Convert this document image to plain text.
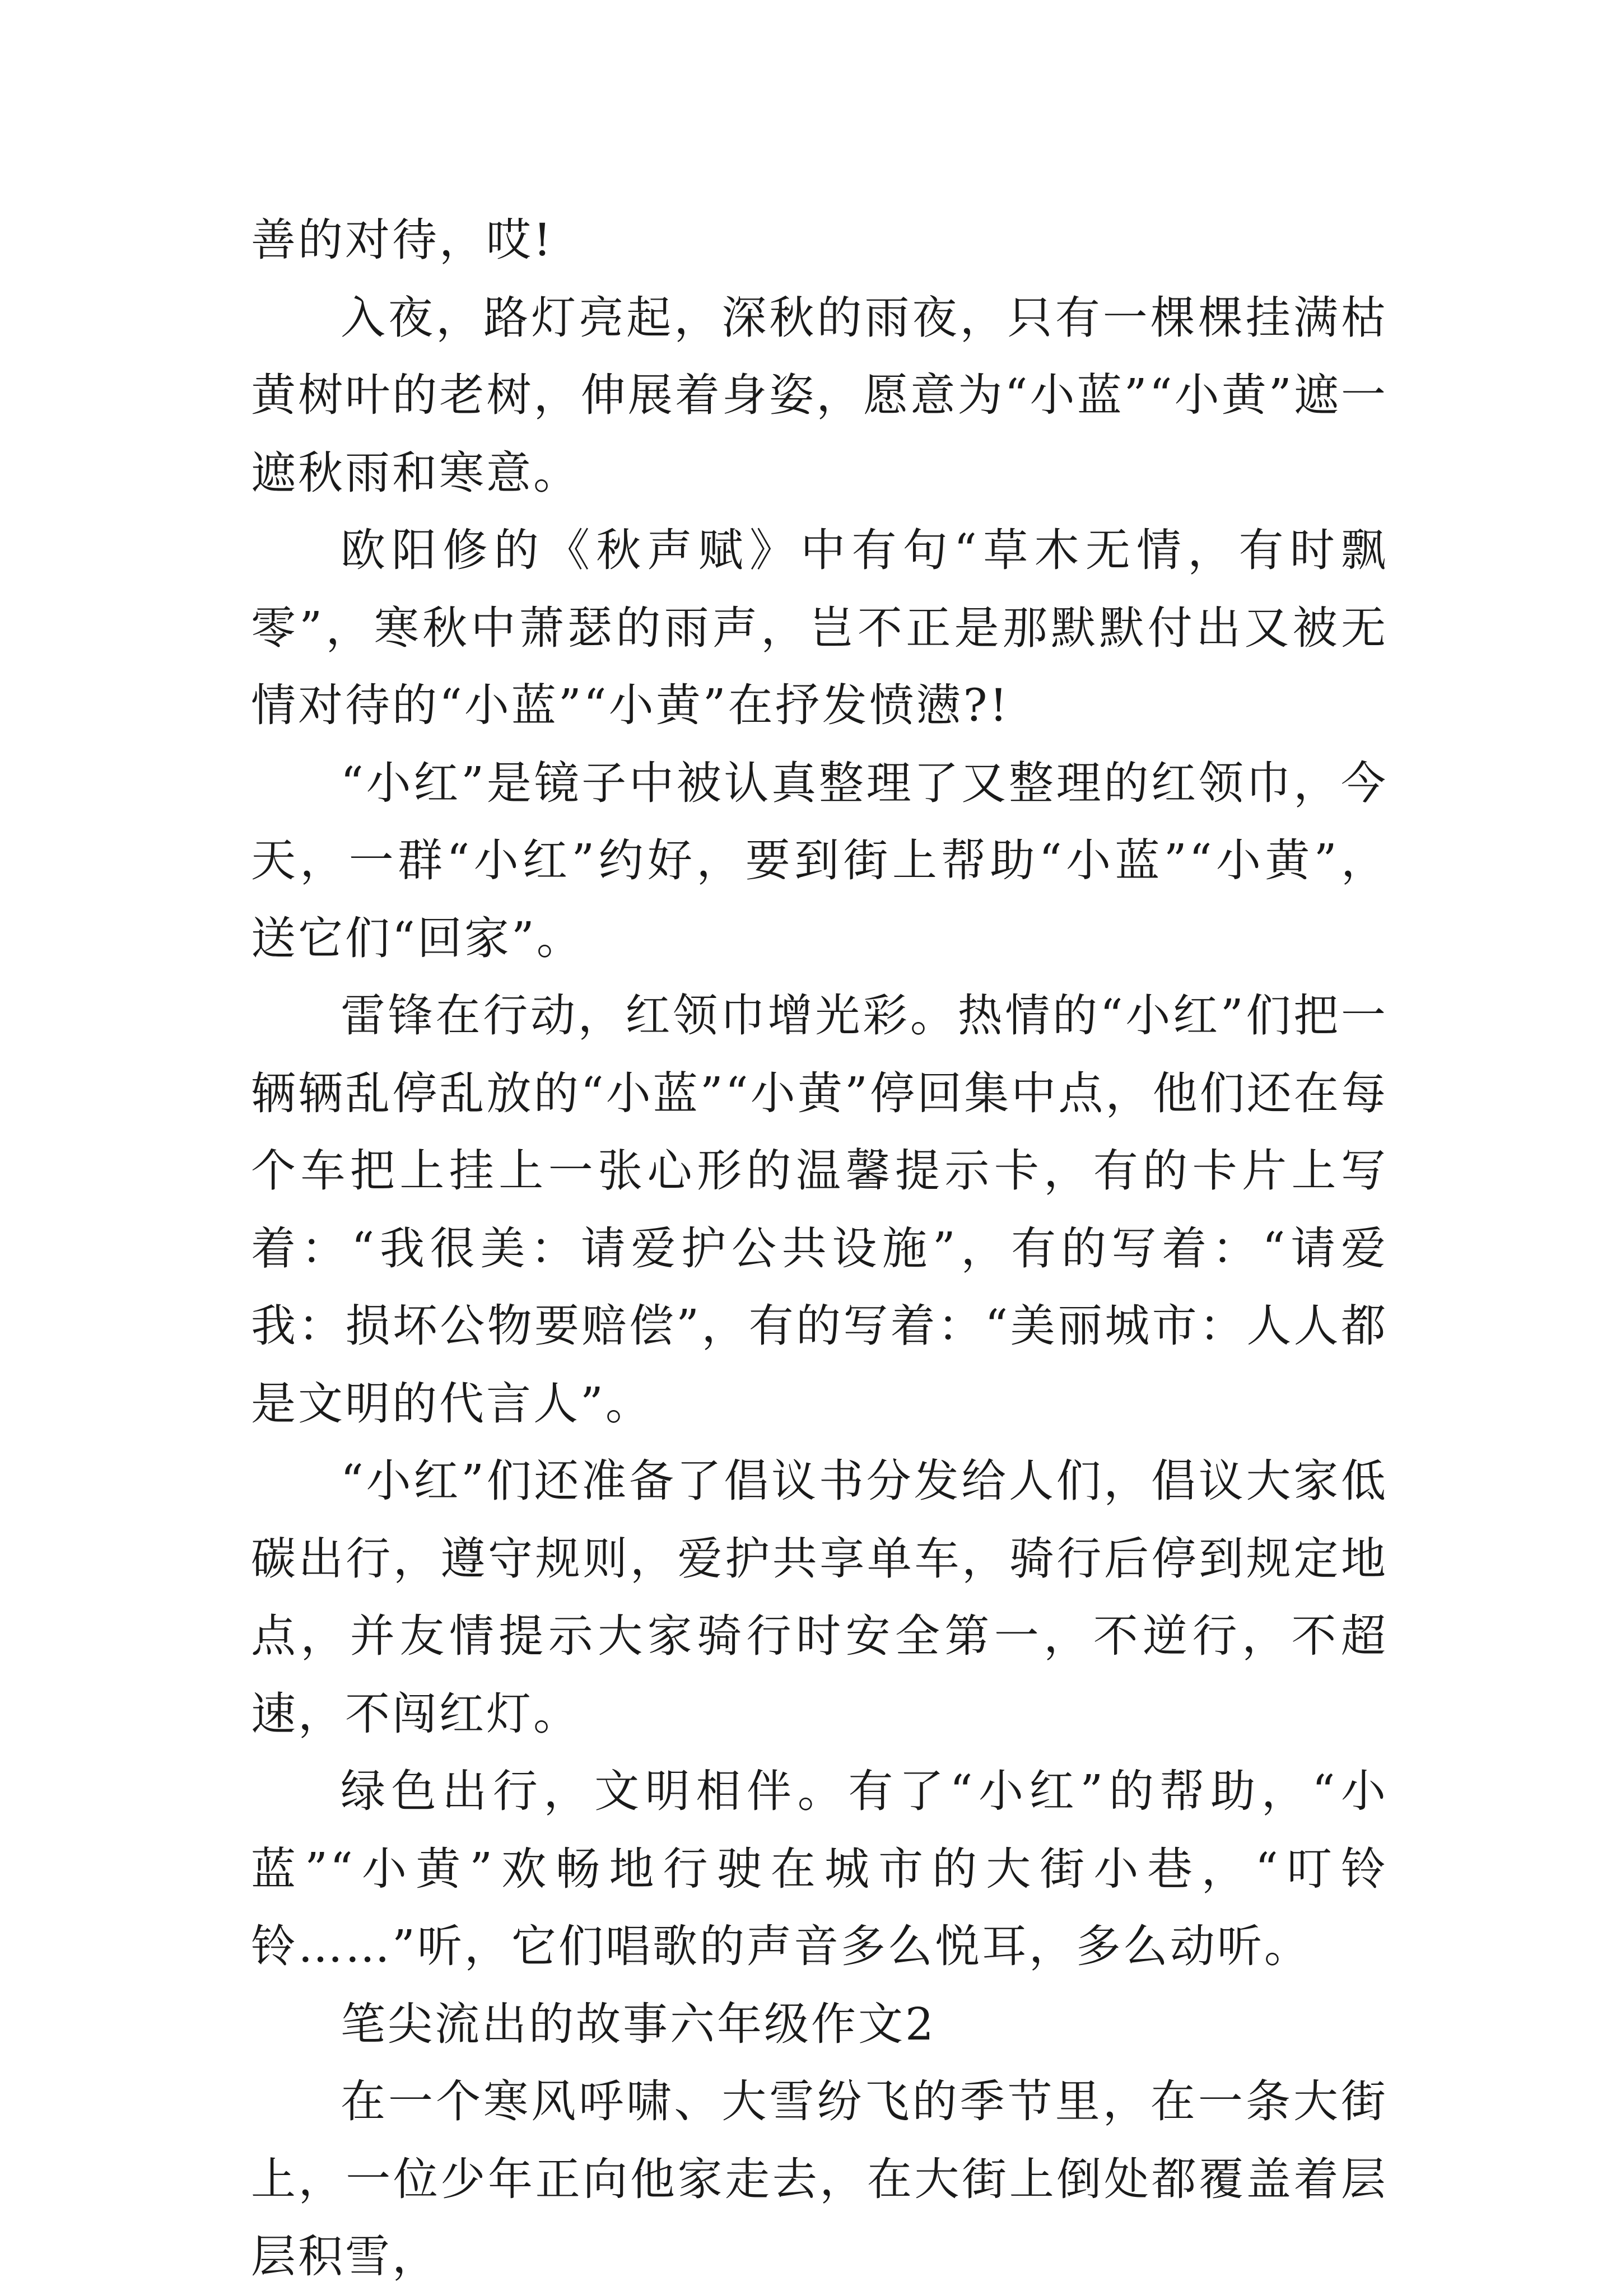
善的对待，哎!

入夜，路灯亮起，深秋的雨夜，只有一棵棵挂满枯黄树叶的老树，伸展着身姿，愿意为“小蓝”“小黄”遮一遮秋雨和寒意。

欧阳修的《秋声赋》中有句“草木无情，有时飘零”，寒秋中萧瑟的雨声，岂不正是那默默付出又被无情对待的“小蓝”“小黄”在抒发愤懑?!

“小红”是镜子中被认真整理了又整理的红领巾，今天，一群“小红”约好，要到街上帮助“小蓝”“小黄”，送它们“回家”。

雷锋在行动，红领巾增光彩。热情的“小红”们把一辆辆乱停乱放的“小蓝”“小黄”停回集中点，他们还在每个车把上挂上一张心形的温馨提示卡，有的卡片上写着：“我很美：请爱护公共设施”，有的写着：“请爱我：损坏公物要赔偿”，有的写着：“美丽城市：人人都是文明的代言人”。

“小红”们还准备了倡议书分发给人们，倡议大家低碳出行，遵守规则，爱护共享单车，骑行后停到规定地点，并友情提示大家骑行时安全第一，不逆行，不超速，不闯红灯。

绿色出行，文明相伴。有了“小红”的帮助，“小蓝”“小黄”欢畅地行驶在城市的大街小巷，“叮铃铃……”听，它们唱歌的声音多么悦耳，多么动听。

笔尖流出的故事六年级作文2

在一个寒风呼啸、大雪纷飞的季节里，在一条大街上，一位少年正向他家走去，在大街上倒处都覆盖着层层积雪，
